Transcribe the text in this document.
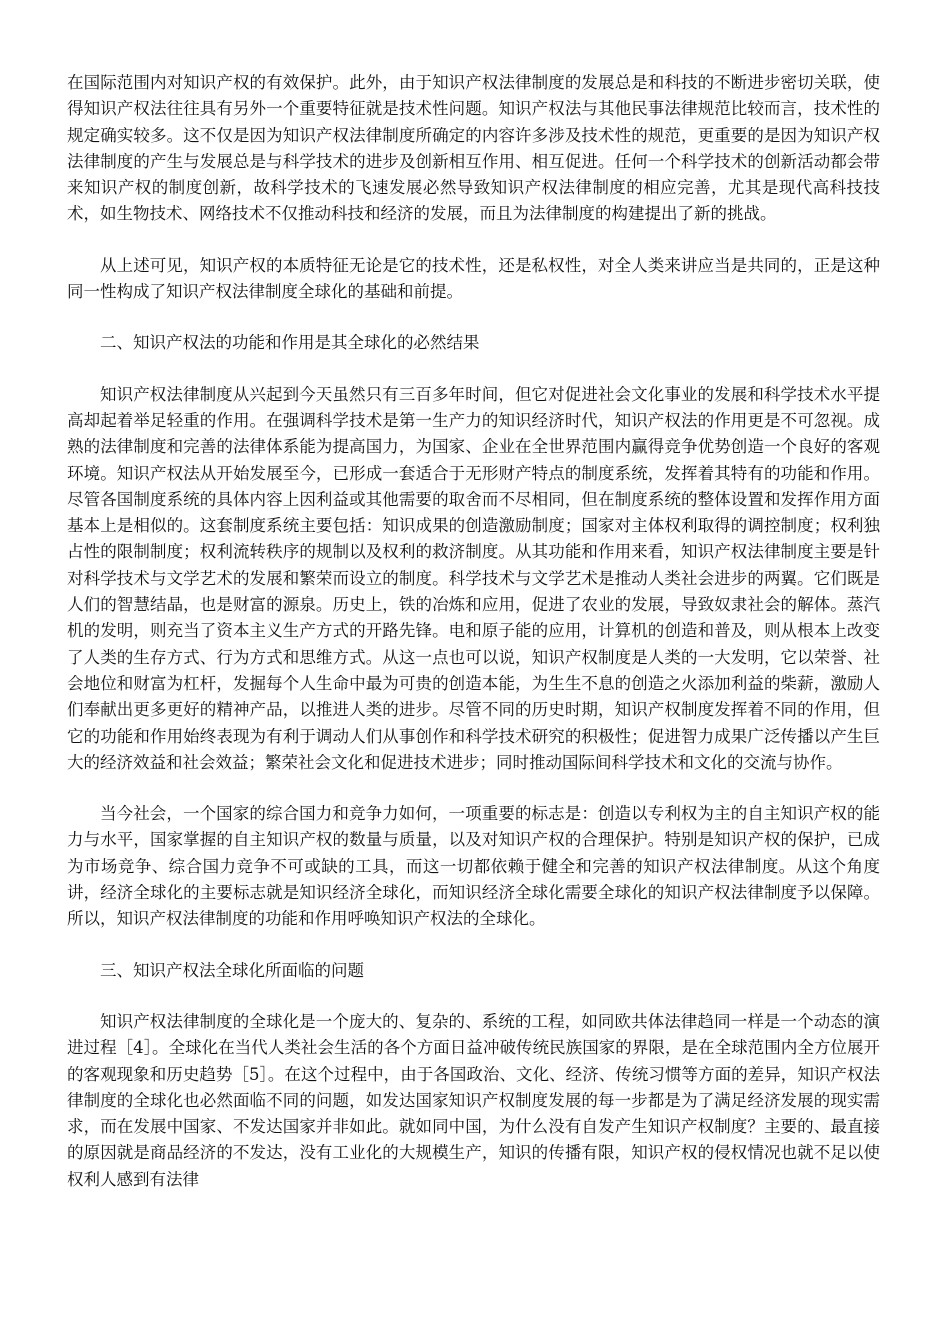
在国际范围内对知识产权的有效保护。此外，由于知识产权法律制度的发展总是和科技的不断进步密切关联，使得知识产权法往往具有另外一个重要特征就是技术性问题。知识产权法与其他民事法律规范比较而言，技术性的规定确实较多。这不仅是因为知识产权法律制度所确定的内容许多涉及技术性的规范，更重要的是因为知识产权法律制度的产生与发展总是与科学技术的进步及创新相互作用、相互促进。任何一个科学技术的创新活动都会带来知识产权的制度创新，故科学技术的飞速发展必然导致知识产权法律制度的相应完善，尤其是现代高科技技术，如生物技术、网络技术不仅推动科技和经济的发展，而且为法律制度的构建提出了新的挑战。

从上述可见，知识产权的本质特征无论是它的技术性，还是私权性，对全人类来讲应当是共同的，正是这种同一性构成了知识产权法律制度全球化的基础和前提。

二、知识产权法的功能和作用是其全球化的必然结果

知识产权法律制度从兴起到今天虽然只有三百多年时间，但它对促进社会文化事业的发展和科学技术水平提高却起着举足轻重的作用。在强调科学技术是第一生产力的知识经济时代，知识产权法的作用更是不可忽视。成熟的法律制度和完善的法律体系能为提高国力，为国家、企业在全世界范围内赢得竞争优势创造一个良好的客观环境。知识产权法从开始发展至今，已形成一套适合于无形财产特点的制度系统，发挥着其特有的功能和作用。尽管各国制度系统的具体内容上因利益或其他需要的取舍而不尽相同，但在制度系统的整体设置和发挥作用方面基本上是相似的。这套制度系统主要包括：知识成果的创造激励制度；国家对主体权利取得的调控制度；权利独占性的限制制度；权利流转秩序的规制以及权利的救济制度。从其功能和作用来看，知识产权法律制度主要是针对科学技术与文学艺术的发展和繁荣而设立的制度。科学技术与文学艺术是推动人类社会进步的两翼。它们既是人们的智慧结晶，也是财富的源泉。历史上，铁的冶炼和应用，促进了农业的发展，导致奴隶社会的解体。蒸汽机的发明，则充当了资本主义生产方式的开路先锋。电和原子能的应用，计算机的创造和普及，则从根本上改变了人类的生存方式、行为方式和思维方式。从这一点也可以说，知识产权制度是人类的一大发明，它以荣誉、社会地位和财富为杠杆，发掘每个人生命中最为可贵的创造本能，为生生不息的创造之火添加利益的柴薪，激励人们奉献出更多更好的精神产品，以推进人类的进步。尽管不同的历史时期，知识产权制度发挥着不同的作用，但它的功能和作用始终表现为有利于调动人们从事创作和科学技术研究的积极性；促进智力成果广泛传播以产生巨大的经济效益和社会效益；繁荣社会文化和促进技术进步；同时推动国际间科学技术和文化的交流与协作。

当今社会，一个国家的综合国力和竞争力如何，一项重要的标志是：创造以专利权为主的自主知识产权的能力与水平，国家掌握的自主知识产权的数量与质量，以及对知识产权的合理保护。特别是知识产权的保护，已成为市场竞争、综合国力竞争不可或缺的工具，而这一切都依赖于健全和完善的知识产权法律制度。从这个角度讲，经济全球化的主要标志就是知识经济全球化，而知识经济全球化需要全球化的知识产权法律制度予以保障。所以，知识产权法律制度的功能和作用呼唤知识产权法的全球化。

三、知识产权法全球化所面临的问题

知识产权法律制度的全球化是一个庞大的、复杂的、系统的工程，如同欧共体法律趋同一样是一个动态的演进过程［4］。全球化在当代人类社会生活的各个方面日益冲破传统民族国家的界限，是在全球范围内全方位展开的客观现象和历史趋势［5］。在这个过程中，由于各国政治、文化、经济、传统习惯等方面的差异，知识产权法律制度的全球化也必然面临不同的问题，如发达国家知识产权制度发展的每一步都是为了满足经济发展的现实需求，而在发展中国家、不发达国家并非如此。就如同中国，为什么没有自发产生知识产权制度？主要的、最直接的原因就是商品经济的不发达，没有工业化的大规模生产，知识的传播有限，知识产权的侵权情况也就不足以使权利人感到有法律
